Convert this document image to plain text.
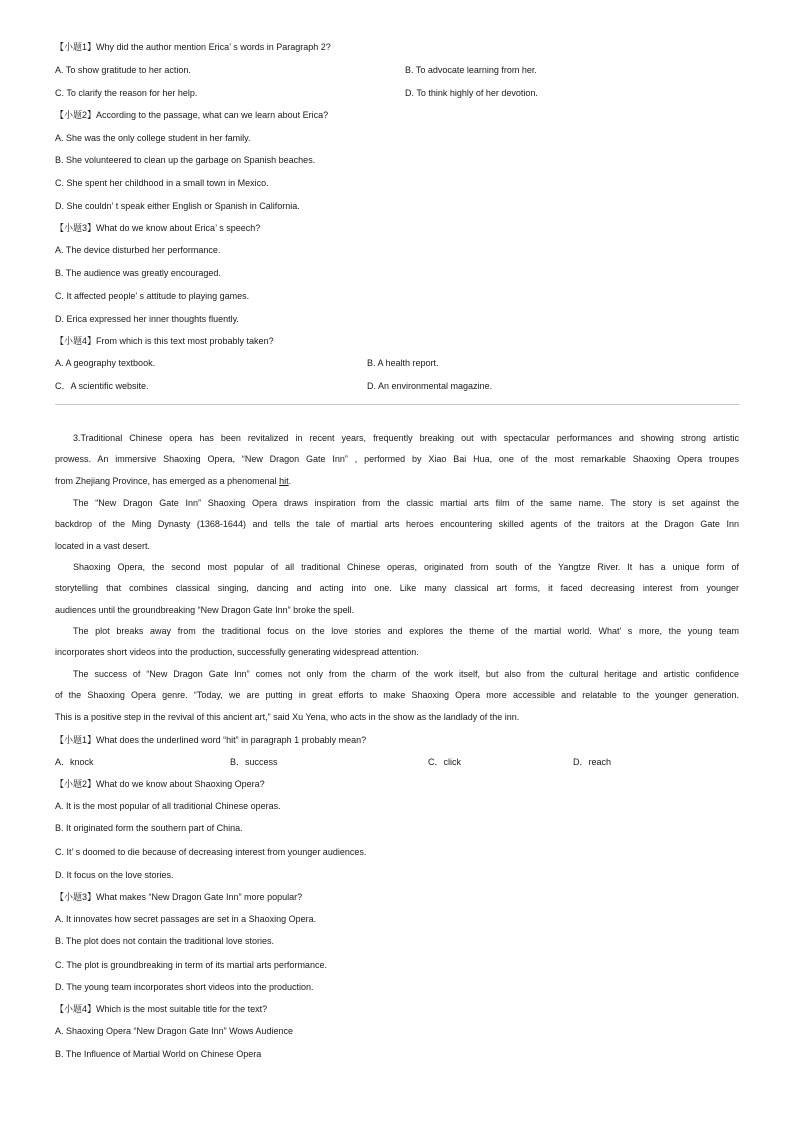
【小题1】Why did the author mention Erica’ s words in Paragraph 2?
A. To show gratitude to her action.	B. To advocate learning from her.
C. To clarify the reason for her help.	D. To think highly of her devotion.
【小题2】According to the passage, what can we learn about Erica?
A. She was the only college student in her family.
B. She volunteered to clean up the garbage on Spanish beaches.
C. She spent her childhood in a small town in Mexico.
D. She couldn’ t speak either English or Spanish in California.
【小题3】What do we know about Erica’ s speech?
A. The device disturbed her performance.
B. The audience was greatly encouraged.
C. It affected people’ s attitude to playing games.
D. Erica expressed her inner thoughts fluently.
【小题4】From which is this text most probably taken?
A. A geography textbook.	B. A health report.
C．A scientific website.	D. An environmental magazine.
3.Traditional Chinese opera has been revitalized in recent years, frequently breaking out with spectacular performances and showing strong artistic
prowess. An immersive Shaoxing Opera, “New Dragon Gate Inn” , performed by Xiao Bai Hua, one of the most remarkable Shaoxing Opera troupes
from Zhejiang Province, has emerged as a phenomenal hit.
The “New Dragon Gate Inn” Shaoxing Opera draws inspiration from the classic martial arts film of the same name. The story is set against the
backdrop of the Ming Dynasty (1368-1644) and tells the tale of martial arts heroes encountering skilled agents of the traitors at the Dragon Gate Inn
located in a vast desert.
Shaoxing Opera, the second most popular of all traditional Chinese operas, originated from south of the Yangtze River. It has a unique form of
storytelling that combines classical singing, dancing and acting into one. Like many classical art forms, it faced decreasing interest from younger
audiences until the groundbreaking “New Dragon Gate Inn” broke the spell.
The plot breaks away from the traditional focus on the love stories and explores the theme of the martial world. What’ s more, the young team
incorporates short videos into the production, successfully generating widespread attention.
The success of “New Dragon Gate Inn” comes not only from the charm of the work itself, but also from the cultural heritage and artistic confidence
of the Shaoxing Opera genre. “Today, we are putting in great efforts to make Shaoxing Opera more accessible and relatable to the younger generation.
This is a positive step in the revival of this ancient art,” said Xu Yena, who acts in the show as the landlady of the inn.
【小题1】What does the underlined word “hit” in paragraph 1 probably mean?
A．knock	B．success	C．click	D．reach
【小题2】What do we know about Shaoxing Opera?
A. It is the most popular of all traditional Chinese operas.
B. It originated form the southern part of China.
C. It’ s doomed to die because of decreasing interest from younger audiences.
D. It focus on the love stories.
【小题3】What makes “New Dragon Gate Inn” more popular?
A. It innovates how secret passages are set in a Shaoxing Opera.
B. The plot does not contain the traditional love stories.
C. The plot is groundbreaking in term of its martial arts performance.
D. The young team incorporates short videos into the production.
【小题4】Which is the most suitable title for the text?
A. Shaoxing Opera “New Dragon Gate Inn” Wows Audience
B. The Influence of Martial World on Chinese Opera
